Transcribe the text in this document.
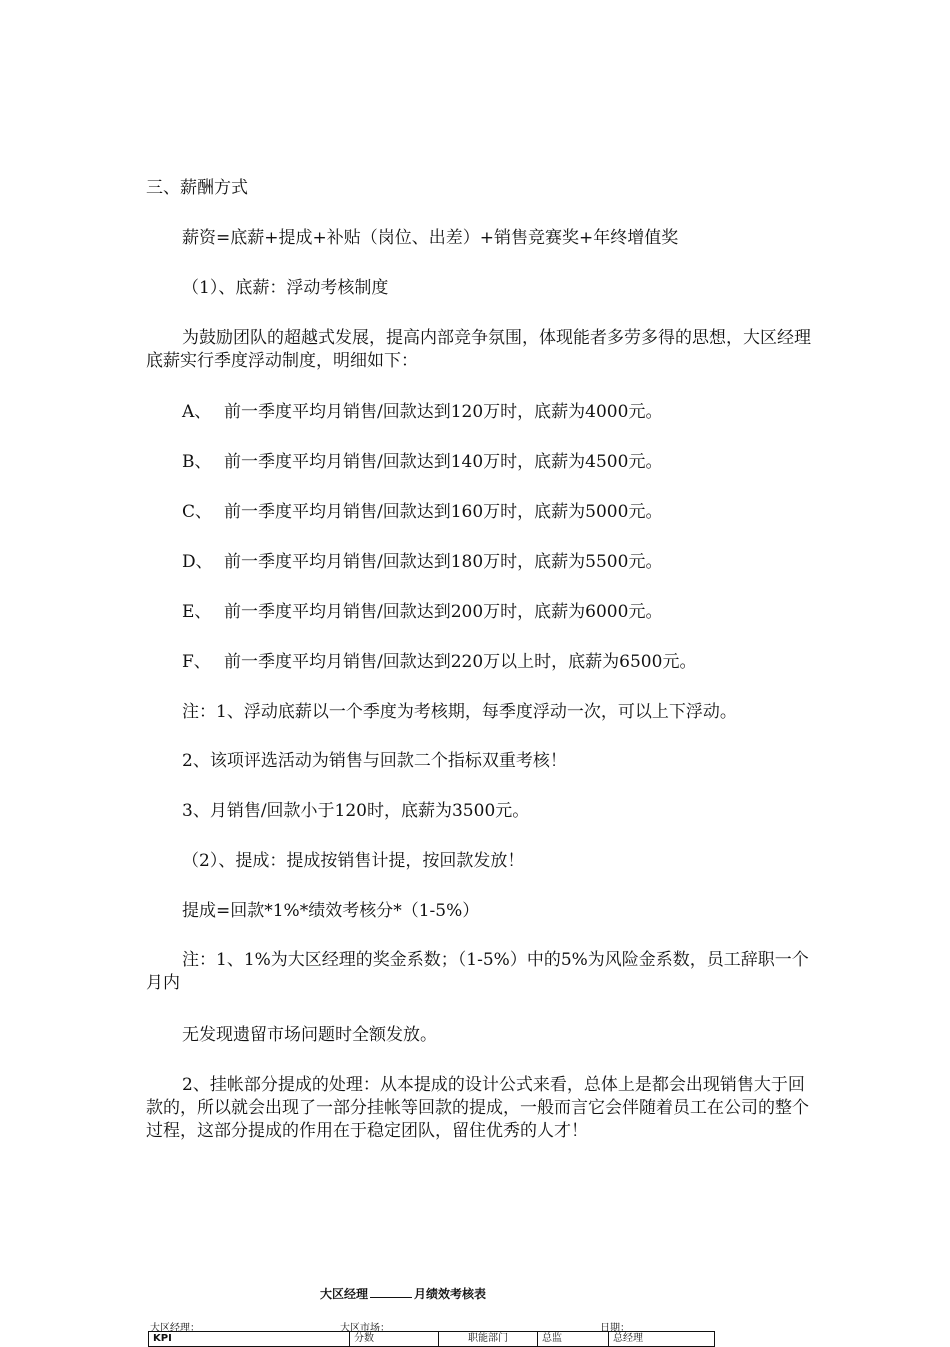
三、薪酬方式

薪资=底薪+提成+补贴（岗位、出差）+销售竞赛奖+年终增值奖

（1）、底薪：浮动考核制度

为鼓励团队的超越式发展，提高内部竞争氛围，体现能者多劳多得的思想，大区经理底薪实行季度浮动制度，明细如下：

A、 前一季度平均月销售/回款达到120万时，底薪为4000元。

B、 前一季度平均月销售/回款达到140万时，底薪为4500元。

C、 前一季度平均月销售/回款达到160万时，底薪为5000元。

D、 前一季度平均月销售/回款达到180万时，底薪为5500元。

E、 前一季度平均月销售/回款达到200万时，底薪为6000元。

F、 前一季度平均月销售/回款达到220万以上时，底薪为6500元。

注：1、浮动底薪以一个季度为考核期，每季度浮动一次，可以上下浮动。

2、该项评选活动为销售与回款二个指标双重考核！

3、月销售/回款小于120时，底薪为3500元。

（2）、提成：提成按销售计提，按回款发放！

提成=回款*1%*绩效考核分*（1-5%）

注：1、1%为大区经理的奖金系数；（1-5%）中的5%为风险金系数，员工辞职一个月内

无发现遗留市场问题时全额发放。

2、挂帐部分提成的处理：从本提成的设计公式来看，总体上是都会出现销售大于回款的，所以就会出现了一部分挂帐等回款的提成，一般而言它会伴随着员工在公司的整个过程，这部分提成的作用在于稳定团队，留住优秀的人才！

大区经理	月绩效考核表
大区经理：	大区市场：	日期：
KPI	分数	职能部门	总监	总经理
